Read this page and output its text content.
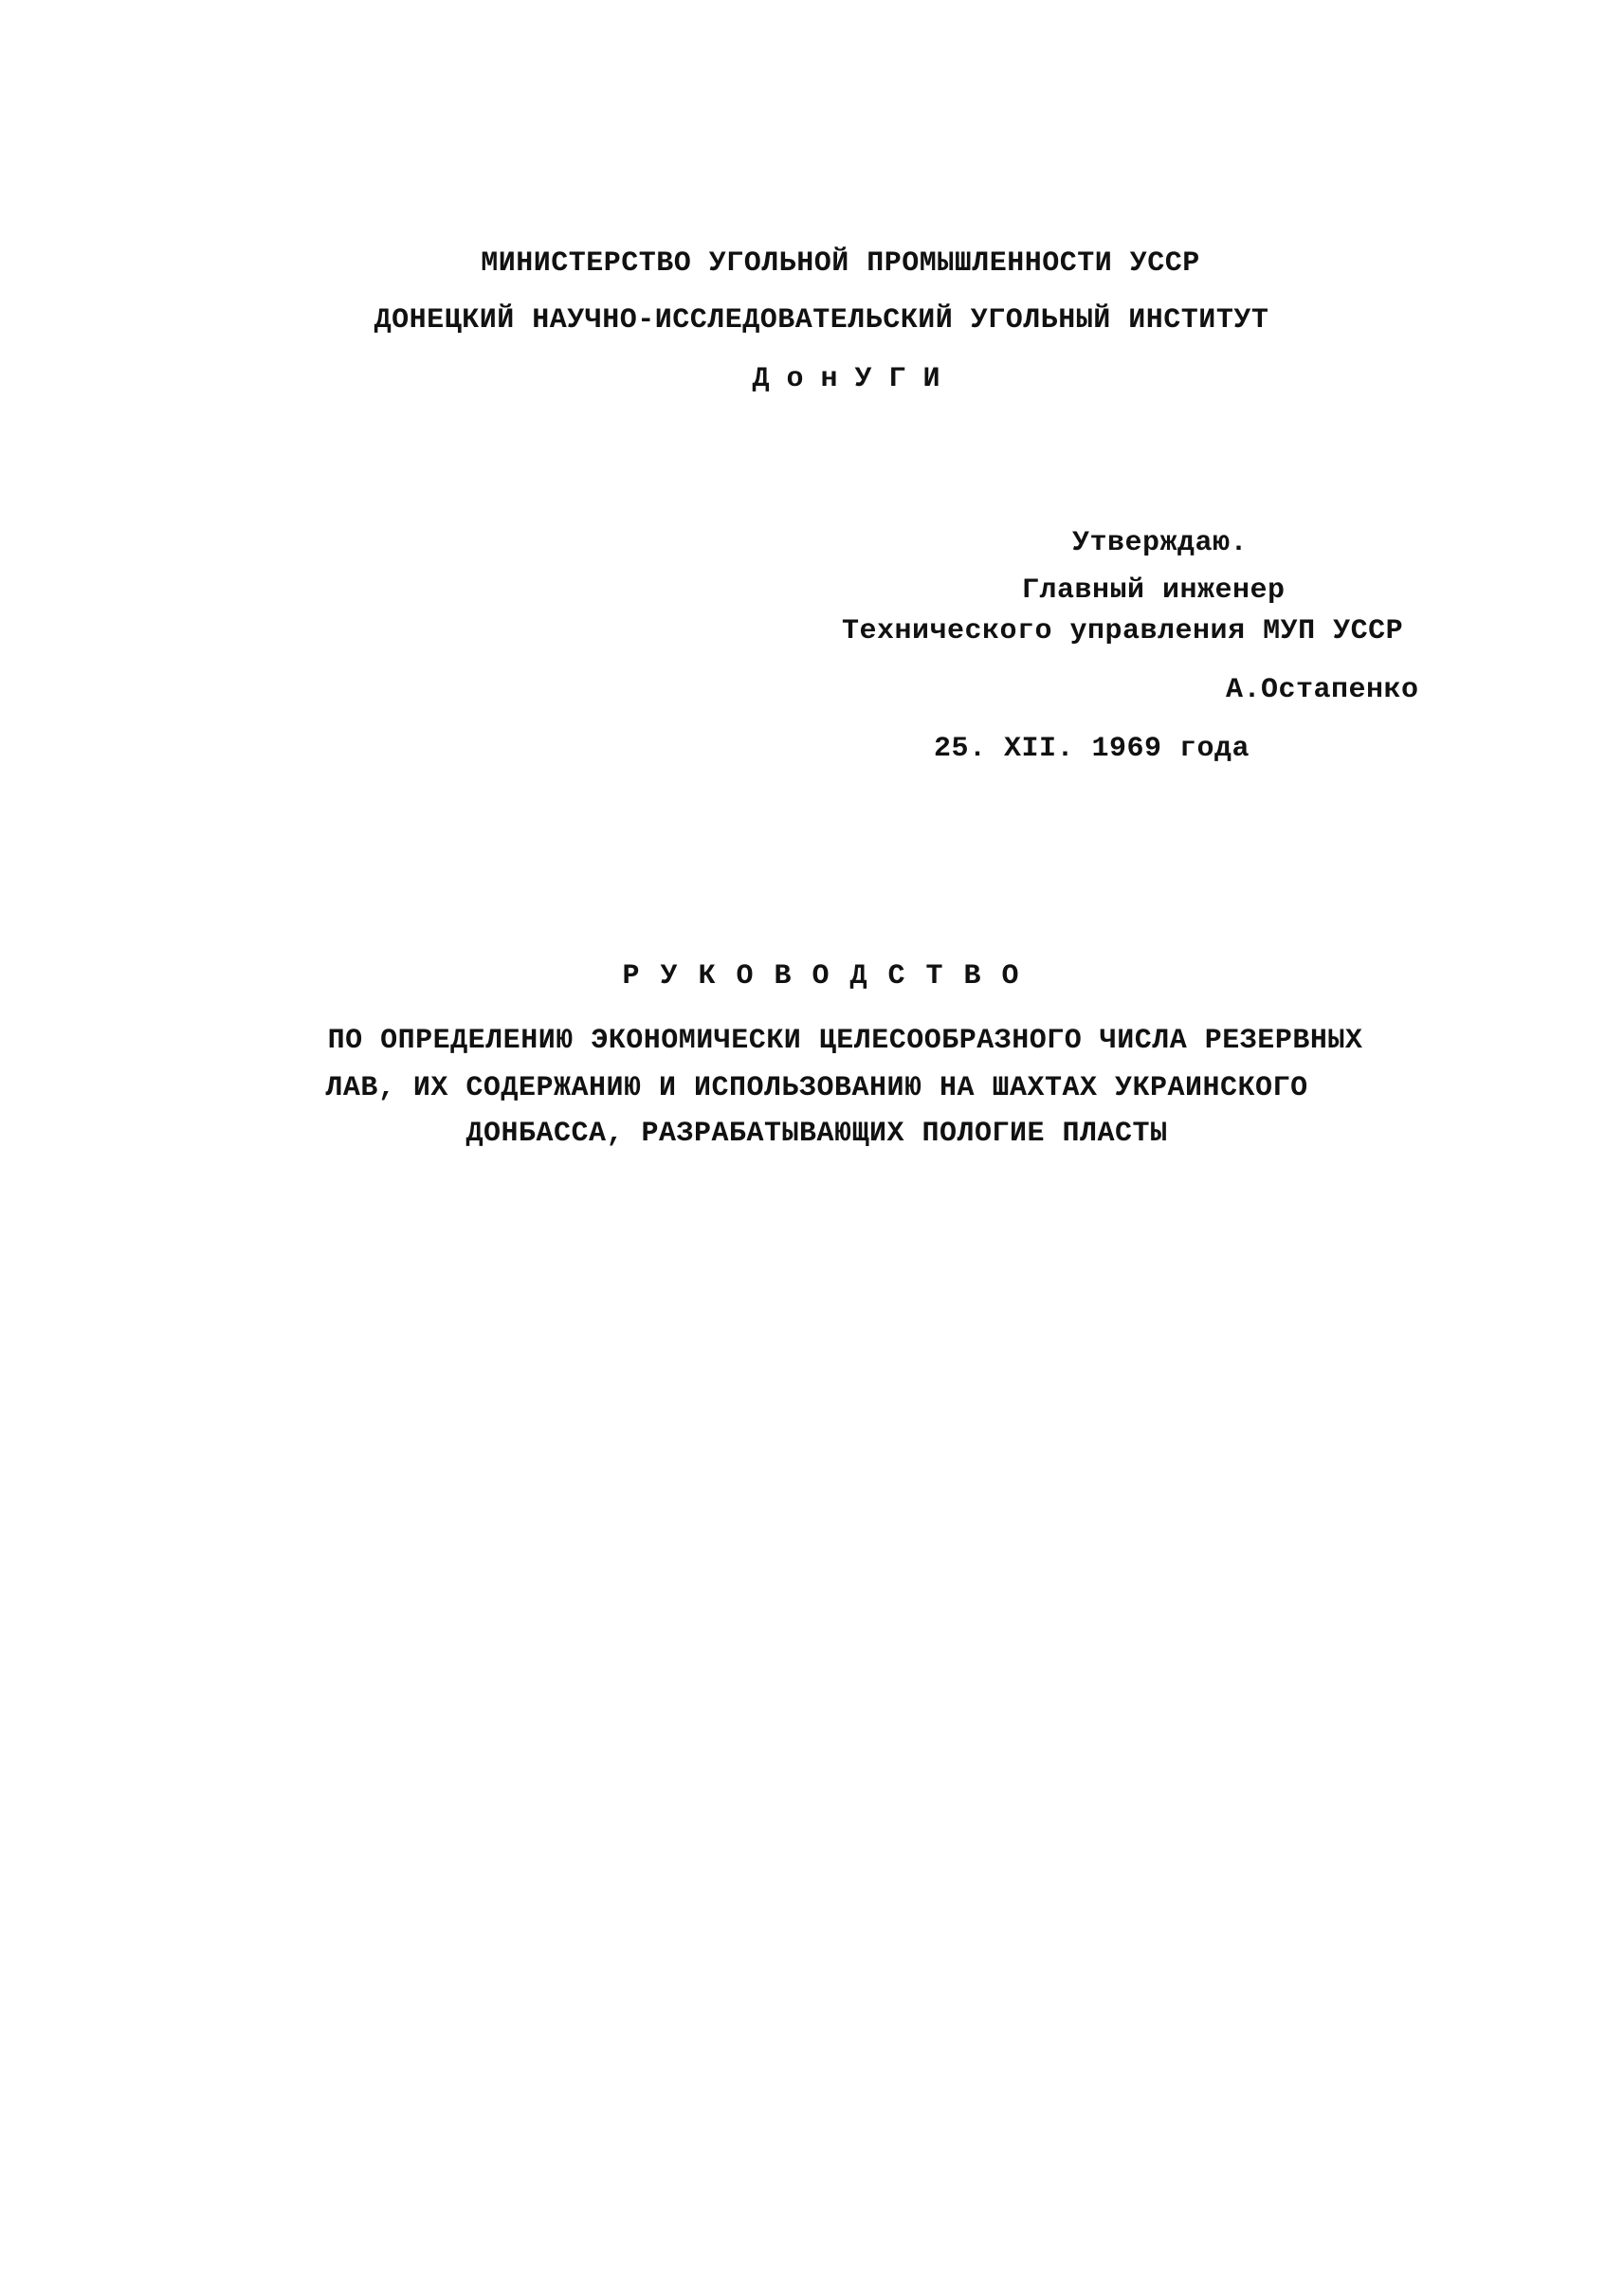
МИНИСТЕРСТВО УГОЛЬНОЙ ПРОМЫШЛЕННОСТИ УССР
ДОНЕЦКИЙ НАУЧНО-ИССЛЕДОВАТЕЛЬСКИЙ УГОЛЬНЫЙ ИНСТИТУТ
ДонУГИ
Утверждаю.
Главный инженер
Технического управления МУП УССР
А.Остапенко
25. XII. 1969 года
РУКОВОДСТВО
ПО ОПРЕДЕЛЕНИЮ ЭКОНОМИЧЕСКИ ЦЕЛЕСООБРАЗНОГО ЧИСЛА РЕЗЕРВНЫХ
ЛАВ, ИХ СОДЕРЖАНИЮ И ИСПОЛЬЗОВАНИЮ НА ШАХТАХ УКРАИНСКОГО
ДОНБАССА, РАЗРАБАТЫВАЮЩИХ ПОЛОГИЕ ПЛАСТЫ
